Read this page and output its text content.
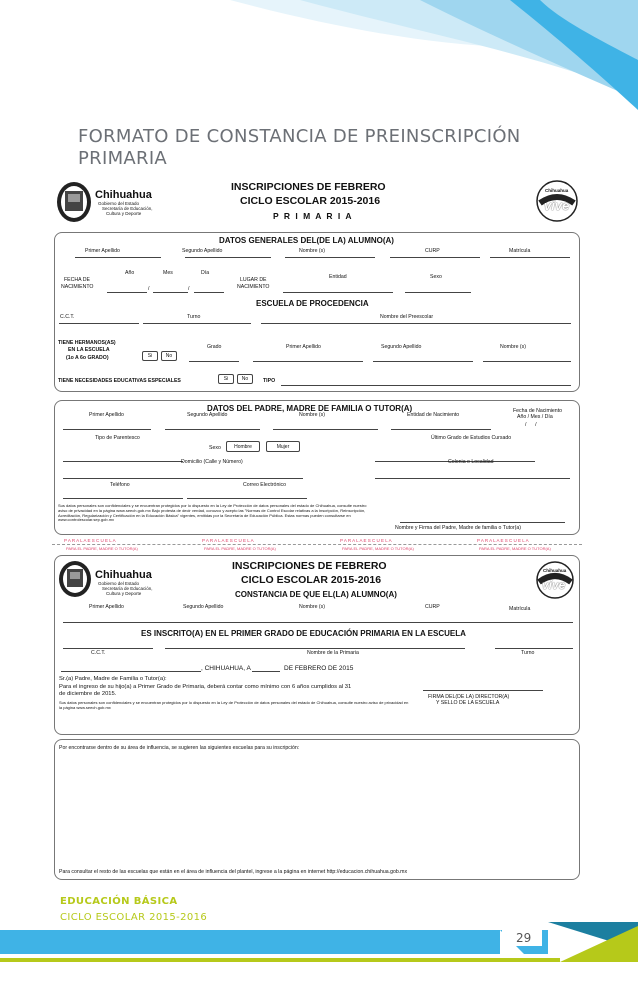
FORMATO DE CONSTANCIA DE PREINSCRIPCIÓN
PRIMARIA
Chihuahua
Gobierno del Estado
Secretaría de Educación,
Cultura y Deporte
INSCRIPCIONES DE FEBRERO
CICLO ESCOLAR 2015-2016
P R I M A R I A
Chihuahua
vive
DATOS GENERALES DEL(DE LA) ALUMNO(A)
Primer Apellido	Segundo Apellido	Nombre (s)	CURP	Matrícula
Año	Mes	Día
FECHA DE
NACIMIENTO	/	/
LUGAR DE
NACIMIENTO
Entidad	Sexo
ESCUELA DE PROCEDENCIA
C.C.T.	Turno	Nombre del Preescolar
TIENE HERMANOS(AS)
EN LA ESCUELA
(1o A 6o GRADO)	Si	No
Grado	Primer Apellido	Segundo Apellido	Nombre (s)
TIENE NECESIDADES EDUCATIVAS ESPECIALES	Si	No	TIPO
DATOS DEL PADRE, MADRE DE FAMILIA O TUTOR(A)
Primer Apellido	Segundo Apellido	Nombre (s)	Entidad de Nacimiento
Fecha de Nacimiento
Año / Mes / Día
/      /
Tipo de Parentesco	Último Grado de Estudios Cursado
Sexo	Hombre	Mujer
Domicilio (Calle y Número)	Colonia o Localidad
Teléfono	Correo Electrónico
Sus datos personales son confidenciales y se encuentran protegidos por lo dispuesto en la Ley de Protección de datos personales del estado de Chihuahua, consulte nuestro aviso de privacidad en la página www.seech.gob.mx Bajo protesta de decir verdad, conozco y acepto las "Normas de Control Escolar relativas a la Inscripción, Reinscripción, Acreditación, Regularización y Certificación en la Educación Básica" vigentes, emitidas por la Secretaría de Educación Pública. Estas normas pueden consultarse en www.controlescolar.sep.gob.mx
Nombre y Firma del Padre, Madre de familia o Tutor(a)
P A R A L A E S C U E L A
PARA EL PADRE, MADRE O TUTOR(A)
P A R A L A E S C U E L A
PARA EL PADRE, MADRE O TUTOR(A)
P A R A L A E S C U E L A
PARA EL PADRE, MADRE O TUTOR(A)
P A R A L A E S C U E L A
PARA EL PADRE, MADRE O TUTOR(A)
Chihuahua
Gobierno del Estado
Secretaría de Educación,
Cultura y Deporte
INSCRIPCIONES DE FEBRERO
CICLO ESCOLAR 2015-2016
CONSTANCIA DE QUE EL(LA) ALUMNO(A)
Chihuahua
vive
Primer Apellido	Segundo Apellido	Nombre (s)	CURP	Matrícula
ES INSCRITO(A) EN EL PRIMER GRADO DE EDUCACIÓN PRIMARIA EN LA ESCUELA
C.C.T.	Nombre de la Primaria	Turno
, CHIHUAHUA, A	DE FEBRERO DE 2015
Sr.(a) Padre, Madre de Familia o Tutor(a):
Para el ingreso de su hijo(a) a Primer Grado de Primaria, deberá contar como mínimo con 6 años cumplidos al 31 de diciembre de 2015.
Sus datos personales son confidenciales y se encuentran protegidos por lo dispuesto en la Ley de Protección de datos personales del estado de Chihuahua, consulte nuestro aviso de privacidad en la página www.seech.gob.mx
FIRMA DEL(DE LA) DIRECTOR(A)
Y SELLO DE LA ESCUELA
Por encontrarse dentro de su área de influencia, se sugieren las siguientes escuelas para su inscripción:
Para consultar el resto de las escuelas que están en el área de influencia del plantel, ingrese a la página en internet http://educacion.chihuahua.gob.mx
EDUCACIÓN BÁSICA
CICLO ESCOLAR 2015-2016
29
